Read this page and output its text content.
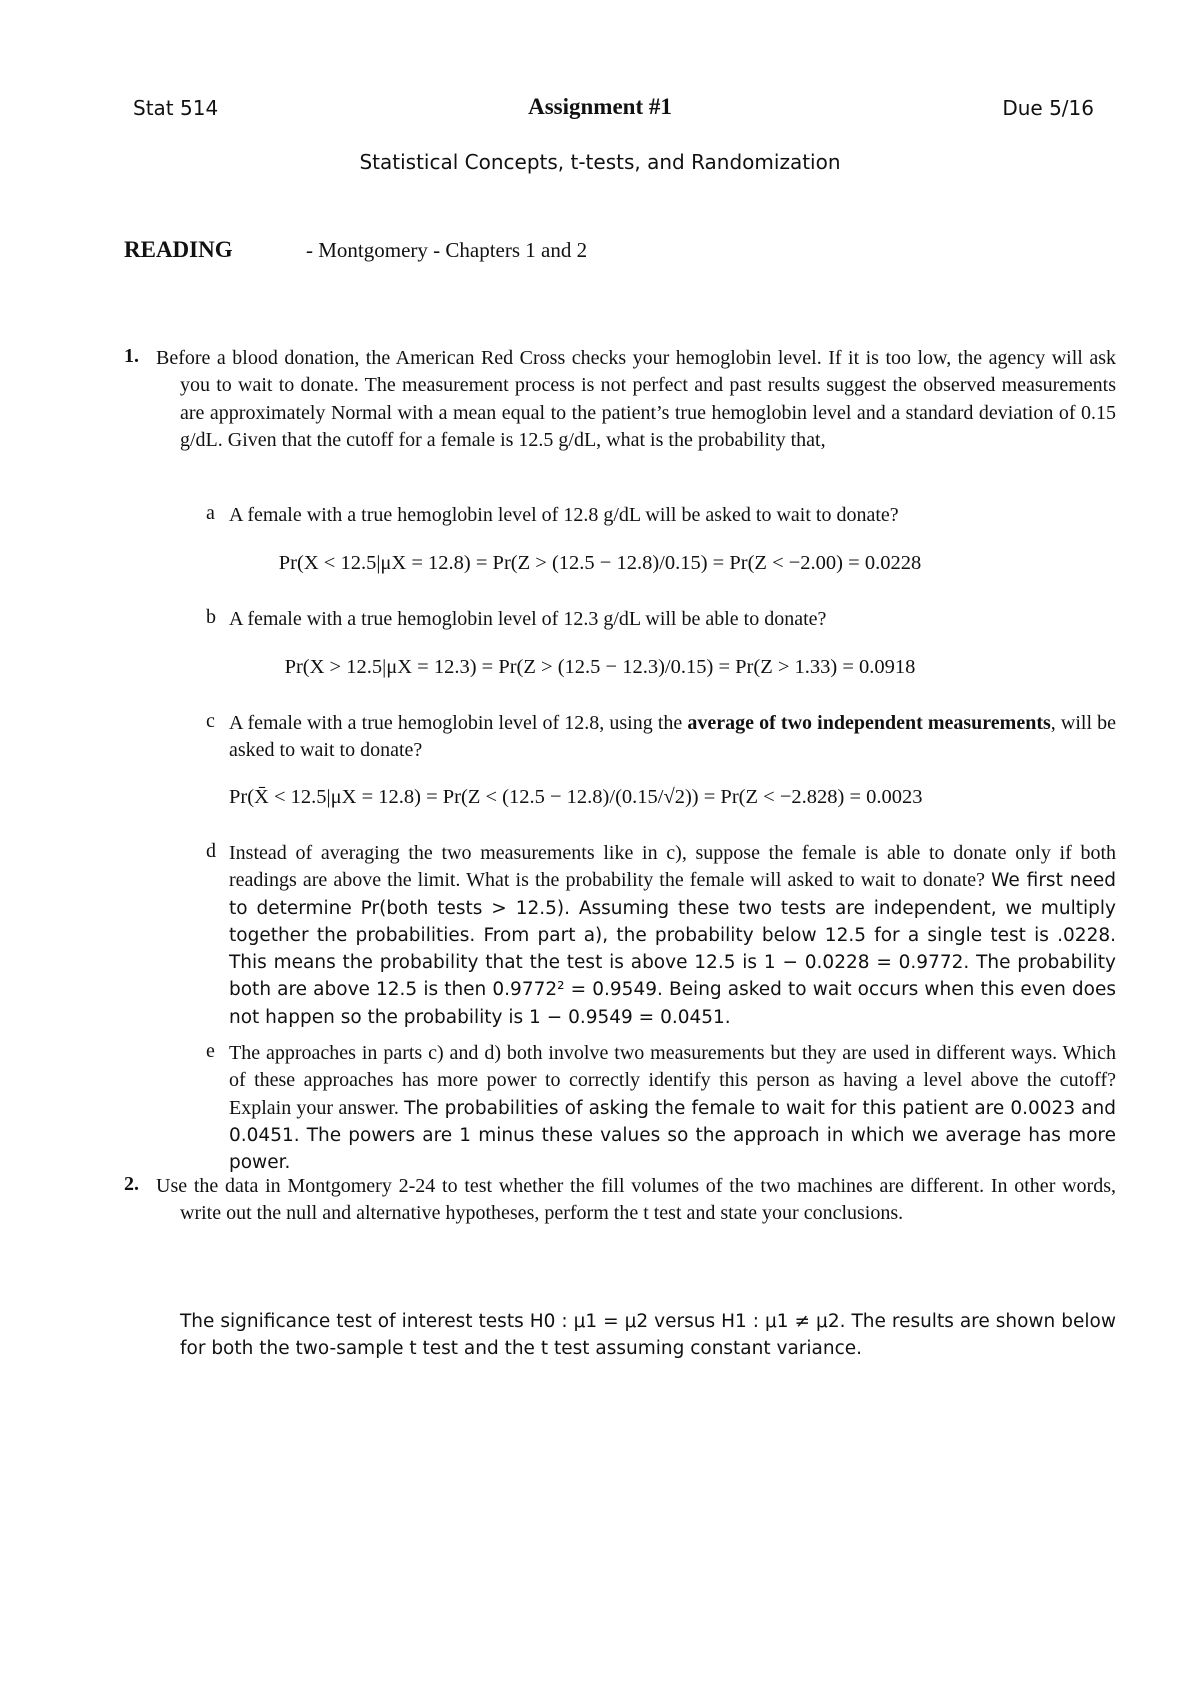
Stat 514	Assignment #1	Due 5/16
Statistical Concepts, t-tests, and Randomization
READING	- Montgomery - Chapters 1 and 2
1. Before a blood donation, the American Red Cross checks your hemoglobin level. If it is too low, the agency will ask you to wait to donate. The measurement process is not perfect and past results suggest the observed measurements are approximately Normal with a mean equal to the patient’s true hemoglobin level and a standard deviation of 0.15 g/dL. Given that the cutoff for a female is 12.5 g/dL, what is the probability that,
a A female with a true hemoglobin level of 12.8 g/dL will be asked to wait to donate?
Pr(X < 12.5|μX = 12.8) = Pr(Z > (12.5 − 12.8)/0.15) = Pr(Z < −2.00) = 0.0228
b A female with a true hemoglobin level of 12.3 g/dL will be able to donate?
Pr(X > 12.5|μX = 12.3) = Pr(Z > (12.5 − 12.3)/0.15) = Pr(Z > 1.33) = 0.0918
c A female with a true hemoglobin level of 12.8, using the average of two independent measurements, will be asked to wait to donate?
Pr(X̄ < 12.5|μX = 12.8) = Pr(Z < (12.5 − 12.8)/(0.15/√2)) = Pr(Z < −2.828) = 0.0023
d Instead of averaging the two measurements like in c), suppose the female is able to donate only if both readings are above the limit. What is the probability the female will asked to wait to donate? We first need to determine Pr(both tests > 12.5). Assuming these two tests are independent, we multiply together the probabilities. From part a), the probability below 12.5 for a single test is .0228. This means the probability that the test is above 12.5 is 1 − 0.0228 = 0.9772. The probability both are above 12.5 is then 0.9772² = 0.9549. Being asked to wait occurs when this even does not happen so the probability is 1 − 0.9549 = 0.0451.
e The approaches in parts c) and d) both involve two measurements but they are used in different ways. Which of these approaches has more power to correctly identify this person as having a level above the cutoff? Explain your answer. The probabilities of asking the female to wait for this patient are 0.0023 and 0.0451. The powers are 1 minus these values so the approach in which we average has more power.
2. Use the data in Montgomery 2-24 to test whether the fill volumes of the two machines are different. In other words, write out the null and alternative hypotheses, perform the t test and state your conclusions.
The significance test of interest tests H0 : μ1 = μ2 versus H1 : μ1 ≠ μ2. The results are shown below for both the two-sample t test and the t test assuming constant variance.
